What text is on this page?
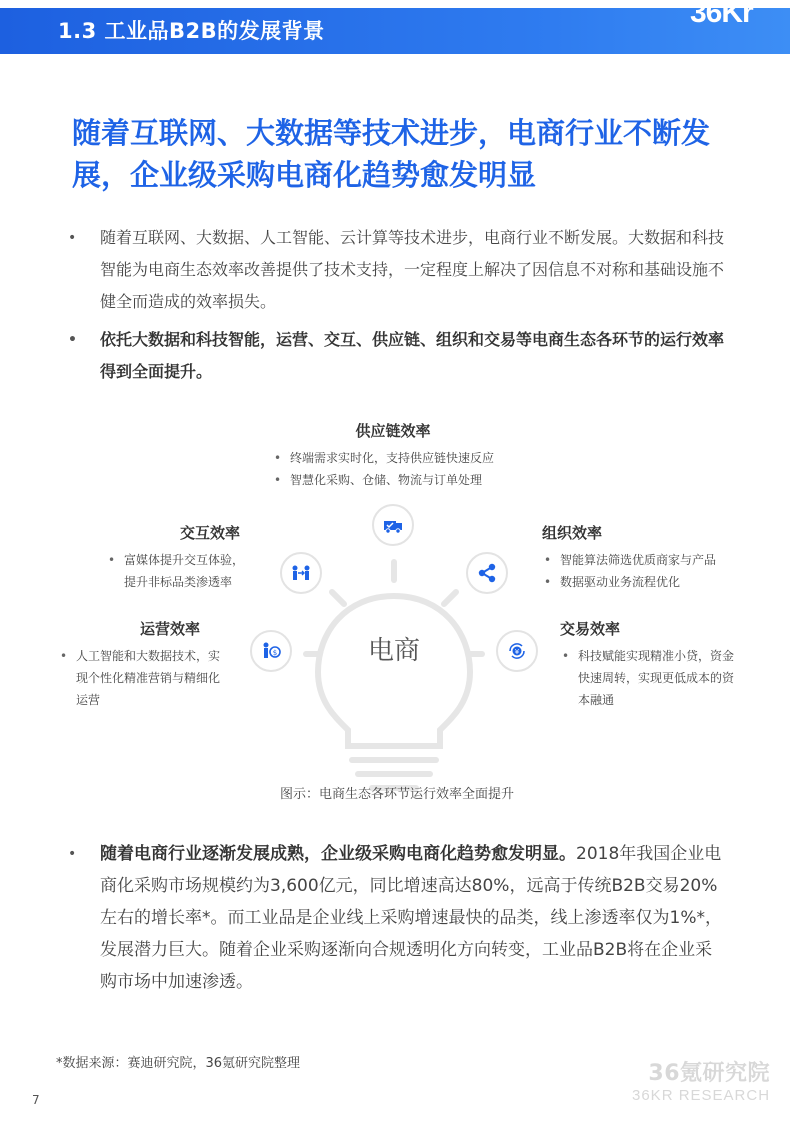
1.3 工业品B2B的发展背景
36Kr
随着互联网、大数据等技术进步，电商行业不断发展，企业级采购电商化趋势愈发明显
• 随着互联网、大数据、人工智能、云计算等技术进步，电商行业不断发展。大数据和科技智能为电商生态效率改善提供了技术支持，一定程度上解决了因信息不对称和基础设施不健全而造成的效率损失。
• 依托大数据和科技智能，运营、交互、供应链、组织和交易等电商生态各环节的运行效率得到全面提升。
电商
$	¥
供应链效率
• 终端需求实时化，支持供应链快速反应
• 智慧化采购、仓储、物流与订单处理
交互效率
• 富媒体提升交互体验，
提升非标品类渗透率
组织效率
• 智能算法筛选优质商家与产品
• 数据驱动业务流程优化
运营效率
• 人工智能和大数据技术，实现个性化精准营销与精细化运营
交易效率
• 科技赋能实现精准小贷，资金快速周转，实现更低成本的资本融通
图示：电商生态各环节运行效率全面提升
• 随着电商行业逐渐发展成熟，企业级采购电商化趋势愈发明显。2018年我国企业电商化采购市场规模约为3,600亿元，同比增速高达80%，远高于传统B2B交易20%左右的增长率*。而工业品是企业线上采购增速最快的品类，线上渗透率仅为1%*，发展潜力巨大。随着企业采购逐渐向合规透明化方向转变，工业品B2B将在企业采购市场中加速渗透。
*数据来源：赛迪研究院，36氪研究院整理
7
36氪研究院
36KR RESEARCH
